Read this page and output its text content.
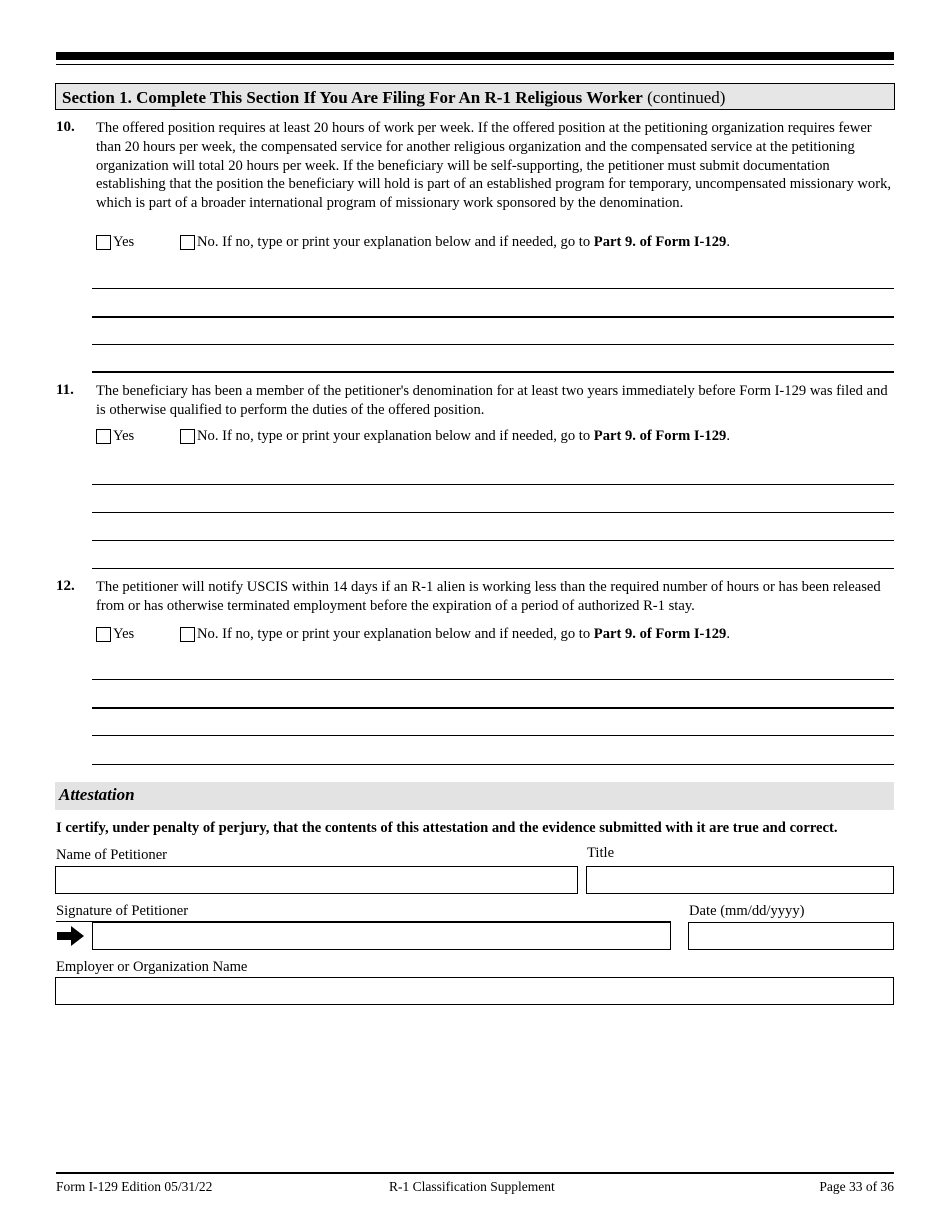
Section 1. Complete This Section If You Are Filing For An R-1 Religious Worker (continued)
10. The offered position requires at least 20 hours of work per week. If the offered position at the petitioning organization requires fewer than 20 hours per week, the compensated service for another religious organization and the compensated service at the petitioning organization will total 20 hours per week. If the beneficiary will be self-supporting, the petitioner must submit documentation establishing that the position the beneficiary will hold is part of an established program for temporary, uncompensated missionary work, which is part of a broader international program of missionary work sponsored by the denomination.
Yes	No. If no, type or print your explanation below and if needed, go to Part 9. of Form I-129.
11. The beneficiary has been a member of the petitioner's denomination for at least two years immediately before Form I-129 was filed and is otherwise qualified to perform the duties of the offered position.
Yes	No. If no, type or print your explanation below and if needed, go to Part 9. of Form I-129.
12. The petitioner will notify USCIS within 14 days if an R-1 alien is working less than the required number of hours or has been released from or has otherwise terminated employment before the expiration of a period of authorized R-1 stay.
Yes	No. If no, type or print your explanation below and if needed, go to Part 9. of Form I-129.
Attestation
I certify, under penalty of perjury, that the contents of this attestation and the evidence submitted with it are true and correct.
Name of Petitioner	Title
Signature of Petitioner	Date (mm/dd/yyyy)
Employer or Organization Name
Form I-129 Edition 05/31/22	R-1 Classification Supplement	Page 33 of 36
